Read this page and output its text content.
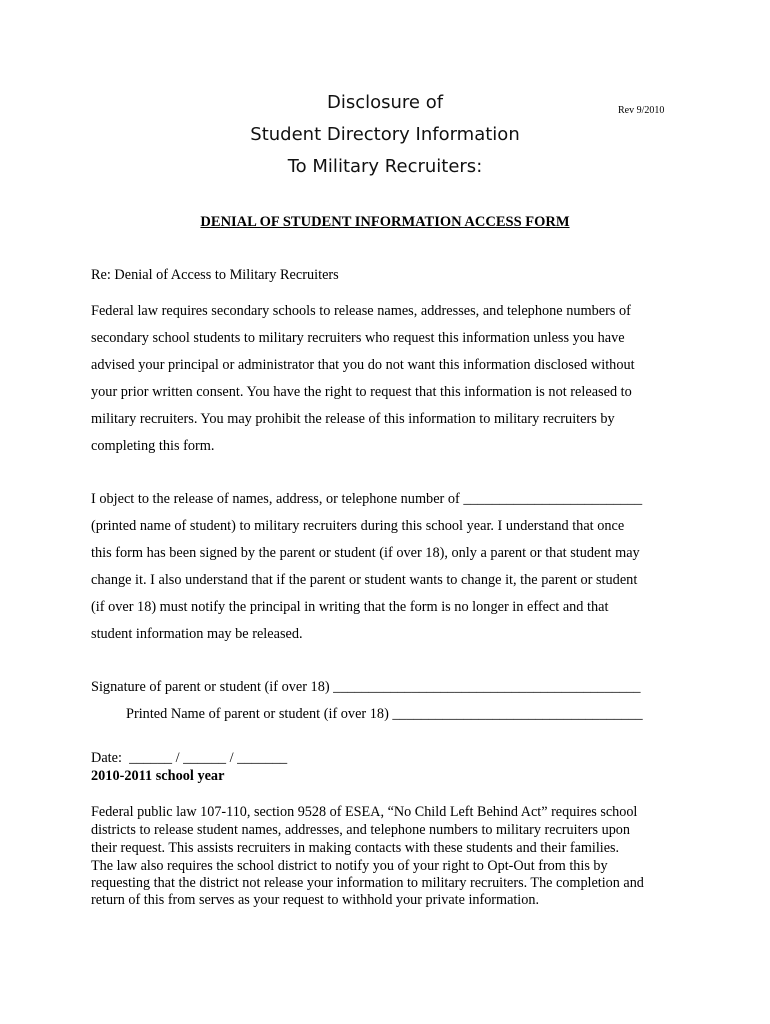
Disclosure of	Rev 9/2010
Student Directory Information
To Military Recruiters:
DENIAL OF STUDENT INFORMATION ACCESS FORM

Re: Denial of Access to Military Recruiters

Federal law requires secondary schools to release names, addresses, and telephone numbers of

secondary school students to military recruiters who request this information unless you have

advised your principal or administrator that you do not want this information disclosed without

your prior written consent. You have the right to request that this information is not released to

military recruiters. You may prohibit the release of this information to military recruiters by

completing this form.

I object to the release of names, address, or telephone number of _________________________

(printed name of student) to military recruiters during this school year. I understand that once

this form has been signed by the parent or student (if over 18), only a parent or that student may

change it. I also understand that if the parent or student wants to change it, the parent or student

(if over 18) must notify the principal in writing that the form is no longer in effect and that

student information may be released.

Signature of parent or student (if over 18) ___________________________________________

Printed Name of parent or student (if over 18) ___________________________________

Date:  ______ / ______ / _______

2010-2011 school year

Federal public law 107-110, section 9528 of ESEA, “No Child Left Behind Act” requires school

districts to release student names, addresses, and telephone numbers to military recruiters upon

their request. This assists recruiters in making contacts with these students and their families.

The law also requires the school district to notify you of your right to Opt-Out from this by

requesting that the district not release your information to military recruiters. The completion and

return of this from serves as your request to withhold your private information.
